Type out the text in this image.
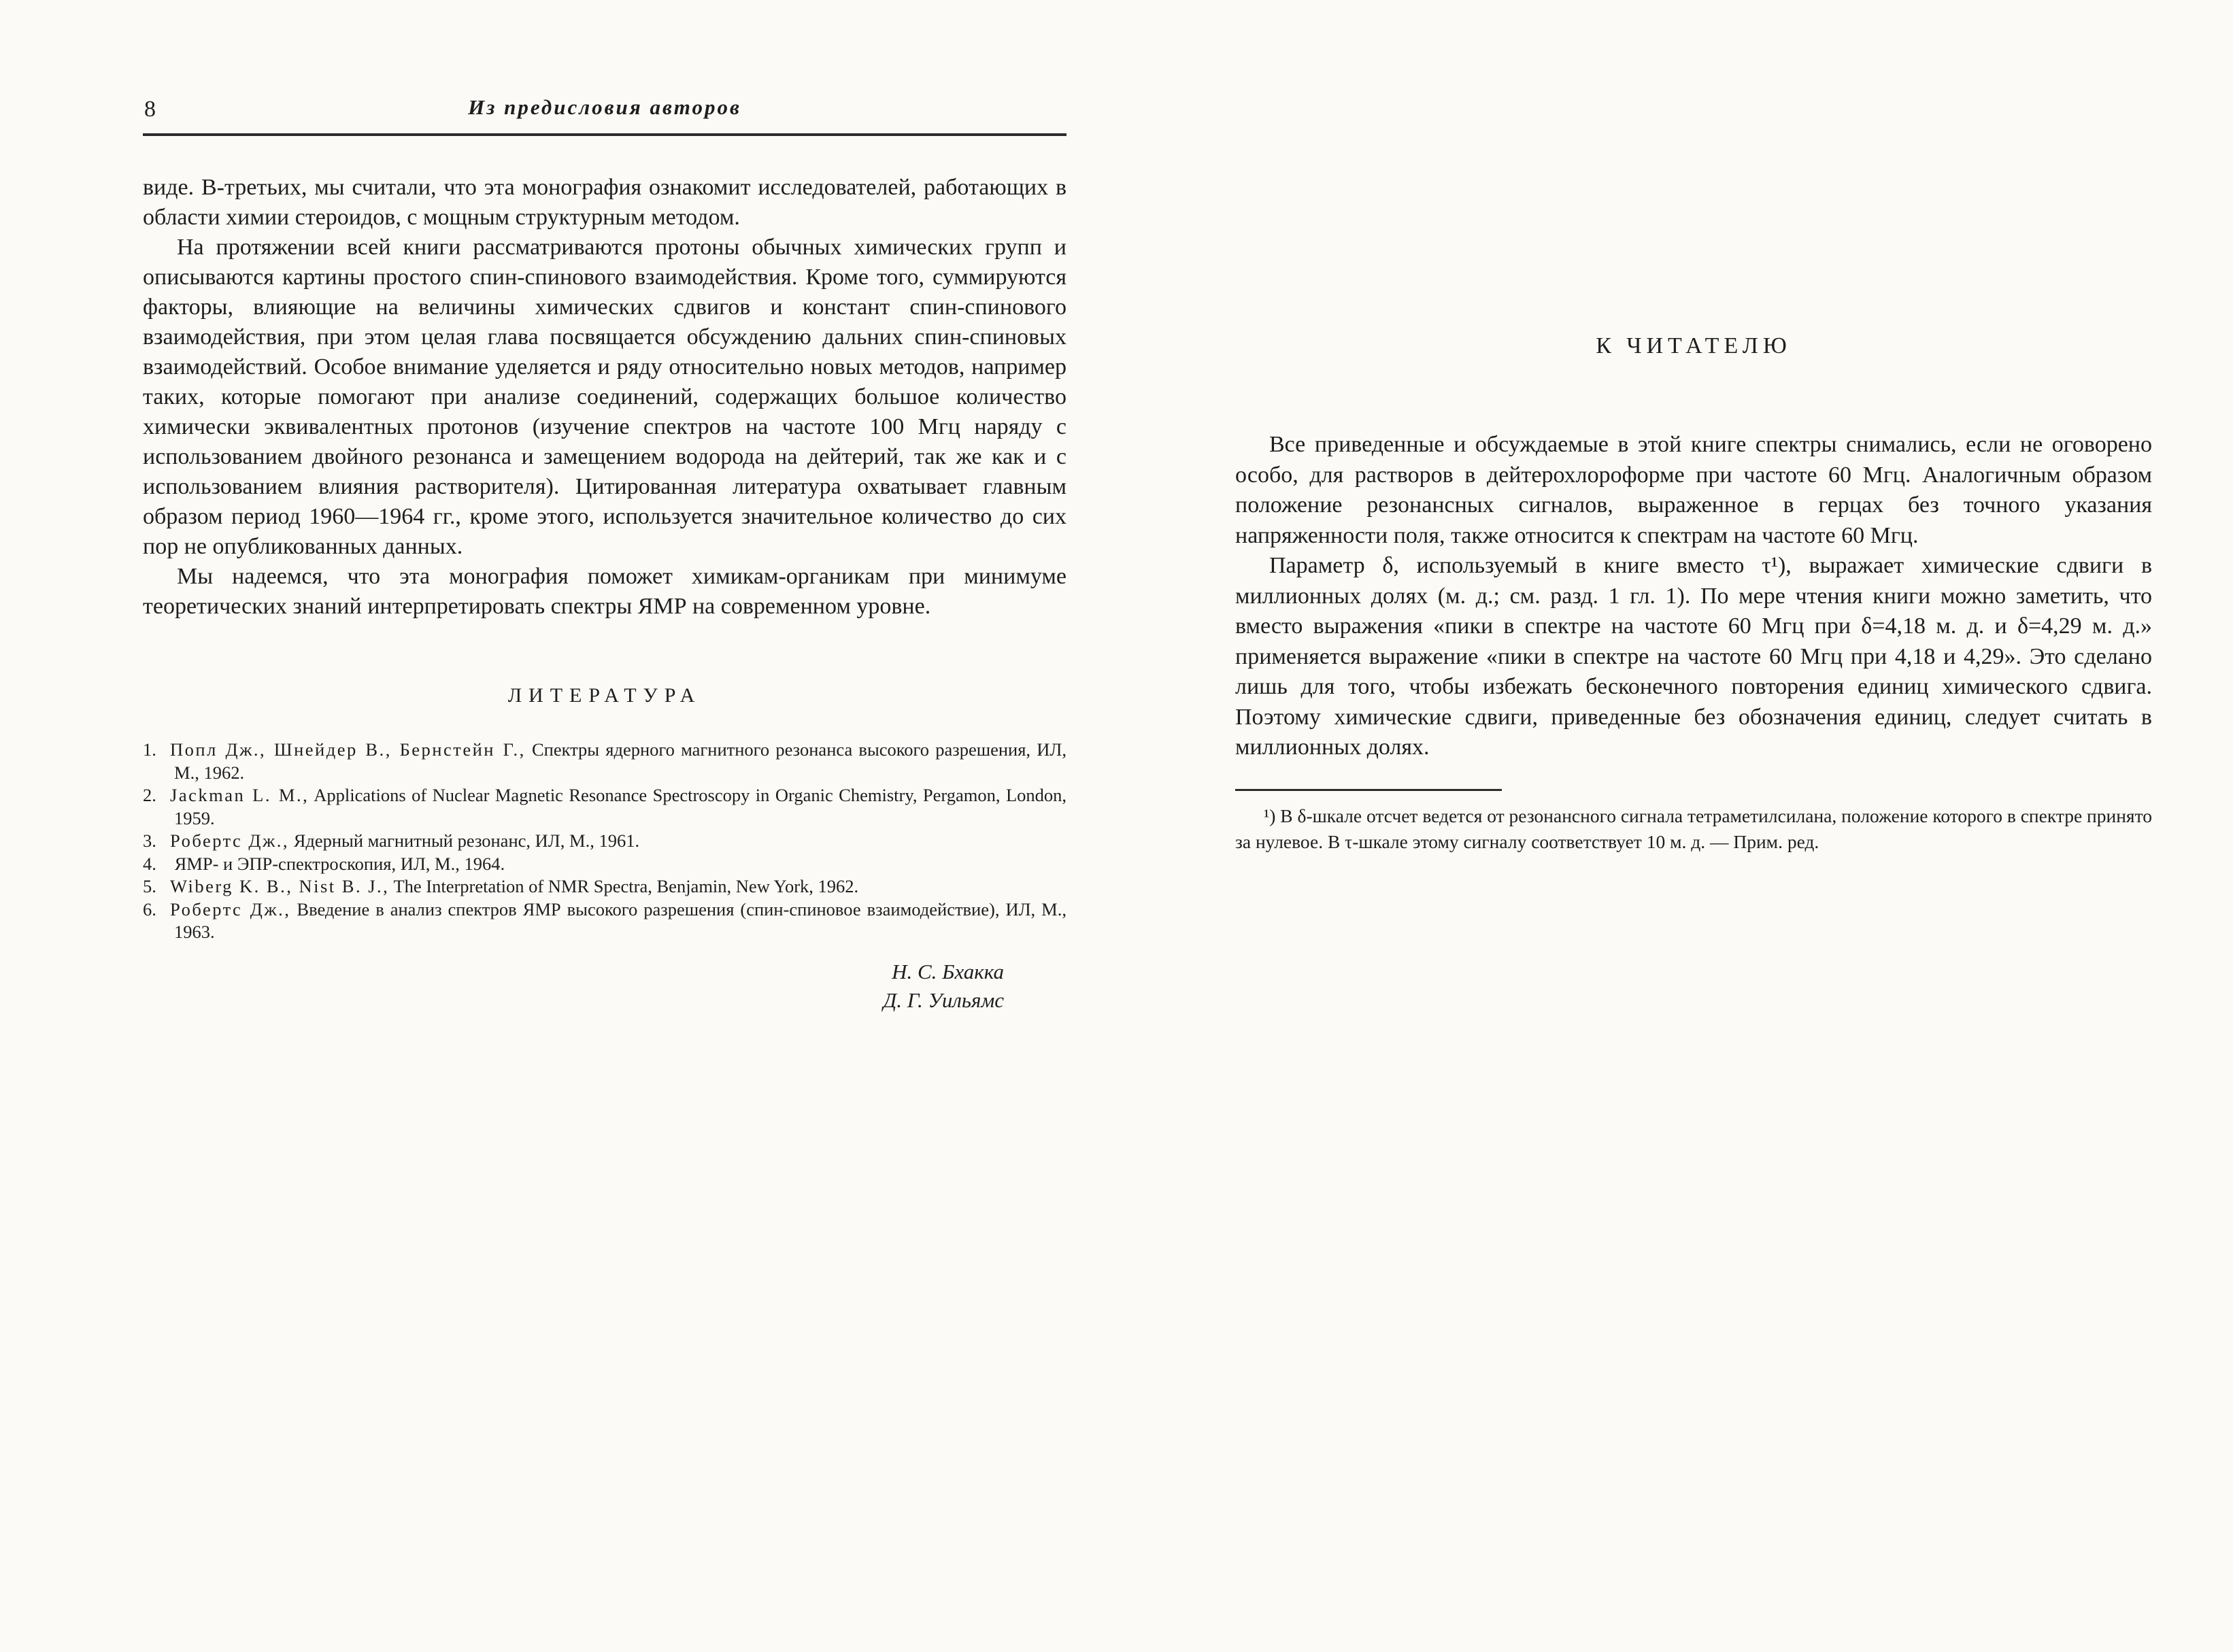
8	Из предисловия авторов

виде. В-третьих, мы считали, что эта монография ознакомит исследователей, работающих в области химии стероидов, с мощным структурным методом.

На протяжении всей книги рассматриваются протоны обычных химических групп и описываются картины простого спин-спинового взаимодействия. Кроме того, суммируются факторы, влияющие на величины химических сдвигов и констант спин-спинового взаимодействия, при этом целая глава посвящается обсуждению дальних спин-спиновых взаимодействий. Особое внимание уделяется и ряду относительно новых методов, например таких, которые помогают при анализе соединений, содержащих большое количество химически эквивалентных протонов (изучение спектров на частоте 100 Мгц наряду с использованием двойного резонанса и замещением водорода на дейтерий, так же как и с использованием влияния растворителя). Цитированная литература охватывает главным образом период 1960—1964 гг., кроме этого, используется значительное количество до сих пор не опубликованных данных.

Мы надеемся, что эта монография поможет химикам-органикам при минимуме теоретических знаний интерпретировать спектры ЯМР на современном уровне.

ЛИТЕРАТУРА
1. Попл Дж., Шнейдер В., Бернстейн Г., Спектры ядерного магнитного резонанса высокого разрешения, ИЛ, М., 1962.
2. Jackman L. M., Applications of Nuclear Magnetic Resonance Spectroscopy in Organic Chemistry, Pergamon, London, 1959.
3. Робертс Дж., Ядерный магнитный резонанс, ИЛ, М., 1961.
4. ЯМР- и ЭПР-спектроскопия, ИЛ, М., 1964.
5. Wiberg K. B., Nist B. J., The Interpretation of NMR Spectra, Benjamin, New York, 1962.
6. Робертс Дж., Введение в анализ спектров ЯМР высокого разрешения (спин-спиновое взаимодействие), ИЛ, М., 1963.
Н. С. Бхакка
Д. Г. Уильямс
К ЧИТАТЕЛЮ

Все приведенные и обсуждаемые в этой книге спектры снимались, если не оговорено особо, для растворов в дейтерохлороформе при частоте 60 Мгц. Аналогичным образом положение резонансных сигналов, выраженное в герцах без точного указания напряженности поля, также относится к спектрам на частоте 60 Мгц.

Параметр δ, используемый в книге вместо τ¹), выражает химические сдвиги в миллионных долях (м. д.; см. разд. 1 гл. 1). По мере чтения книги можно заметить, что вместо выражения «пики в спектре на частоте 60 Мгц при δ=4,18 м. д. и δ=4,29 м. д.» применяется выражение «пики в спектре на частоте 60 Мгц при 4,18 и 4,29». Это сделано лишь для того, чтобы избежать бесконечного повторения единиц химического сдвига. Поэтому химические сдвиги, приведенные без обозначения единиц, следует считать в миллионных долях.

¹) В δ-шкале отсчет ведется от резонансного сигнала тетраметилсилана, положение которого в спектре принято за нулевое. В τ-шкале этому сигналу соответствует 10 м. д. — Прим. ред.
